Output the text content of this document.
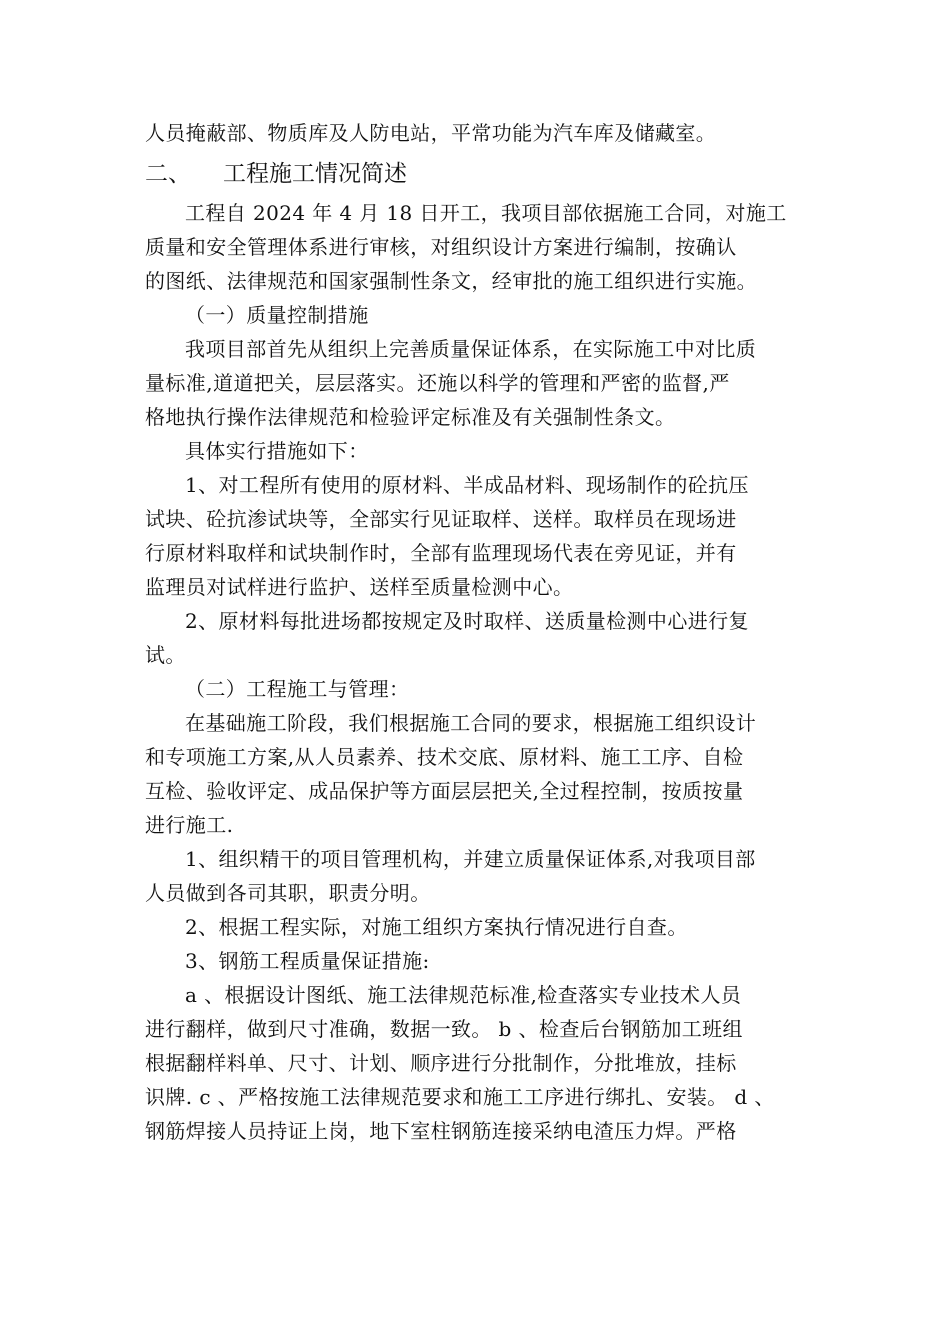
人员掩蔽部、物质库及人防电站，平常功能为汽车库及储藏室。
二、 工程施工情况简述
工程自 2024 年 4 月 18 日开工，我项目部依据施工合同，对施工
质量和安全管理体系进行审核，对组织设计方案进行编制，按确认
的图纸、法律规范和国家强制性条文，经审批的施工组织进行实施。
（一）质量控制措施
我项目部首先从组织上完善质量保证体系，在实际施工中对比质
量标准,道道把关，层层落实。还施以科学的管理和严密的监督,严
格地执行操作法律规范和检验评定标准及有关强制性条文。
具体实行措施如下：
1、对工程所有使用的原材料、半成品材料、现场制作的砼抗压
试块、砼抗渗试块等，全部实行见证取样、送样。取样员在现场进
行原材料取样和试块制作时，全部有监理现场代表在旁见证，并有
监理员对试样进行监护、送样至质量检测中心。
2、原材料每批进场都按规定及时取样、送质量检测中心进行复
试。
（二）工程施工与管理：
在基础施工阶段，我们根据施工合同的要求，根据施工组织设计
和专项施工方案,从人员素养、技术交底、原材料、施工工序、自检
互检、验收评定、成品保护等方面层层把关,全过程控制，按质按量
进行施工.
1、组织精干的项目管理机构，并建立质量保证体系,对我项目部
人员做到各司其职，职责分明。
2、根据工程实际，对施工组织方案执行情况进行自查。
3、钢筋工程质量保证措施:
a 、根据设计图纸、施工法律规范标准,检查落实专业技术人员
进行翻样，做到尺寸准确，数据一致。 b 、检查后台钢筋加工班组
根据翻样料单、尺寸、计划、顺序进行分批制作，分批堆放，挂标
识牌. c 、严格按施工法律规范要求和施工工序进行绑扎、安装。 d 、
钢筋焊接人员持证上岗，地下室柱钢筋连接采纳电渣压力焊。严格
